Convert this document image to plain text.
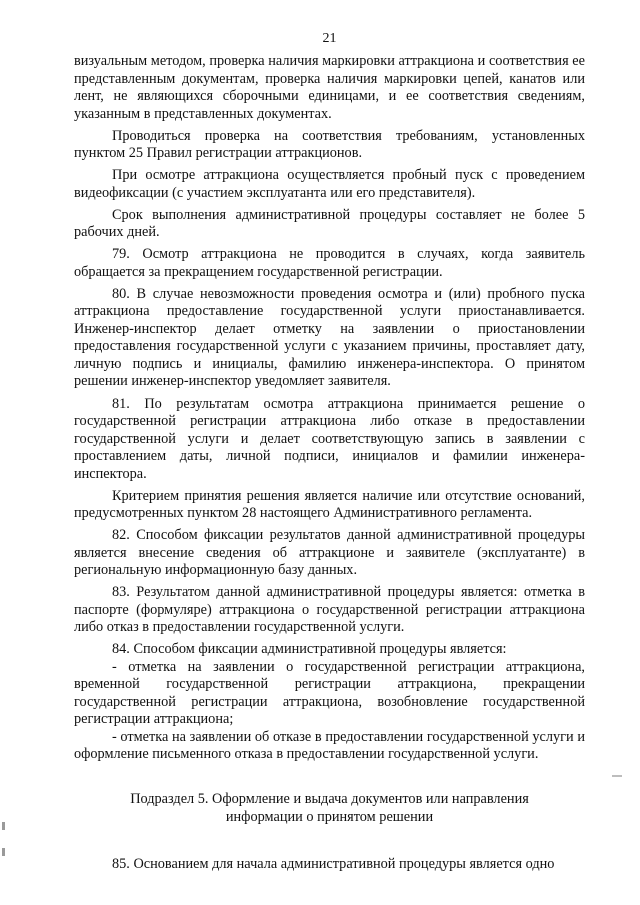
21

визуальным методом, проверка наличия маркировки аттракциона и соответствия ее представленным документам, проверка наличия маркировки цепей, канатов или лент, не являющихся сборочными единицами, и ее соответствия сведениям, указанным в представленных документах.

Проводиться проверка на соответствия требованиям, установленных пунктом 25 Правил регистрации аттракционов.

При осмотре аттракциона осуществляется пробный пуск с проведением видеофиксации (с участием эксплуатанта или его представителя).

Срок выполнения административной процедуры составляет не более 5 рабочих дней.

79. Осмотр аттракциона не проводится в случаях, когда заявитель обращается за прекращением государственной регистрации.

80. В случае невозможности проведения осмотра и (или) пробного пуска аттракциона предоставление государственной услуги приостанавливается. Инженер-инспектор делает отметку на заявлении о приостановлении предоставления государственной услуги с указанием причины, проставляет дату, личную подпись и инициалы, фамилию инженера-инспектора. О принятом решении инженер-инспектор уведомляет заявителя.

81. По результатам осмотра аттракциона принимается решение о государственной регистрации аттракциона либо отказе в предоставлении государственной услуги и делает соответствующую запись в заявлении с проставлением даты, личной подписи, инициалов и фамилии инженера-инспектора.

Критерием принятия решения является наличие или отсутствие оснований, предусмотренных пунктом 28 настоящего Административного регламента.

82. Способом фиксации результатов данной административной процедуры является внесение сведения об аттракционе и заявителе (эксплуатанте) в региональную информационную базу данных.

83. Результатом данной административной процедуры является: отметка в паспорте (формуляре) аттракциона о государственной регистрации аттракциона либо отказ в предоставлении государственной услуги.

84. Способом фиксации административной процедуры является:

- отметка на заявлении о государственной регистрации аттракциона, временной государственной регистрации аттракциона, прекращении государственной регистрации аттракциона, возобновление государственной регистрации аттракциона;

- отметка на заявлении об отказе в предоставлении государственной услуги и оформление письменного отказа в предоставлении государственной услуги.

Подраздел 5. Оформление и выдача документов или направления
информации о принятом решении

85. Основанием для начала административной процедуры является одно
